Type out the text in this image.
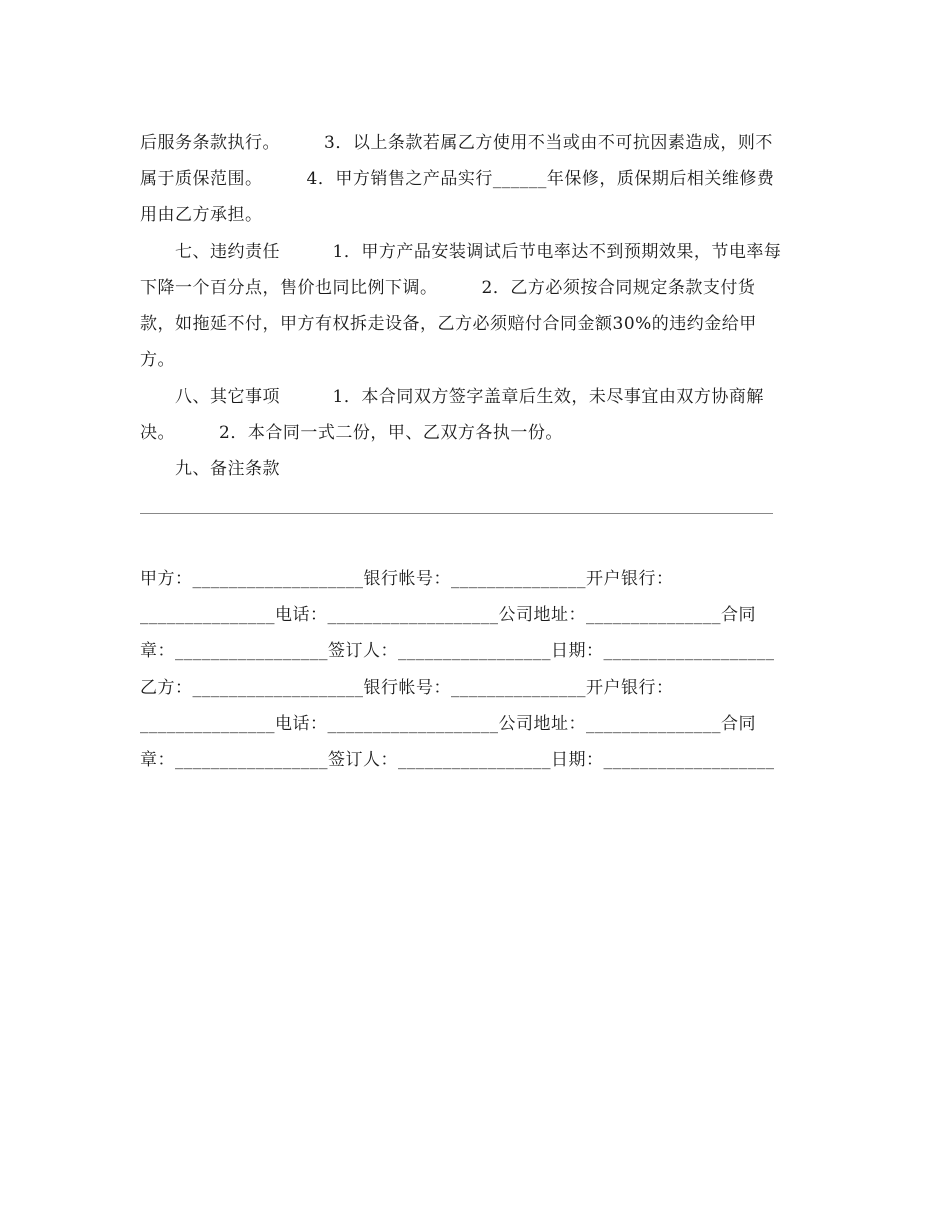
后服务条款执行。　　　3．以上条款若属乙方使用不当或由不可抗因素造成，则不
属于质保范围。　　　4．甲方销售之产品实行______年保修，质保期后相关维修费
用由乙方承担。
七、违约责任　　　1．甲方产品安装调试后节电率达不到预期效果，节电率每
下降一个百分点，售价也同比例下调。　　　2．乙方必须按合同规定条款支付货
款，如拖延不付，甲方有权拆走设备，乙方必须赔付合同金额30%的违约金给甲
方。
八、其它事项　　　1．本合同双方签字盖章后生效，未尽事宜由双方协商解
决。　　　2．本合同一式二份，甲、乙双方各执一份。
九、备注条款
甲方：___________________银行帐号：_______________开户银行：
_______________电话：___________________公司地址：_______________合同
章：_________________签订人：_________________日期：___________________
乙方：___________________银行帐号：_______________开户银行：
_______________电话：___________________公司地址：_______________合同
章：_________________签订人：_________________日期：___________________
